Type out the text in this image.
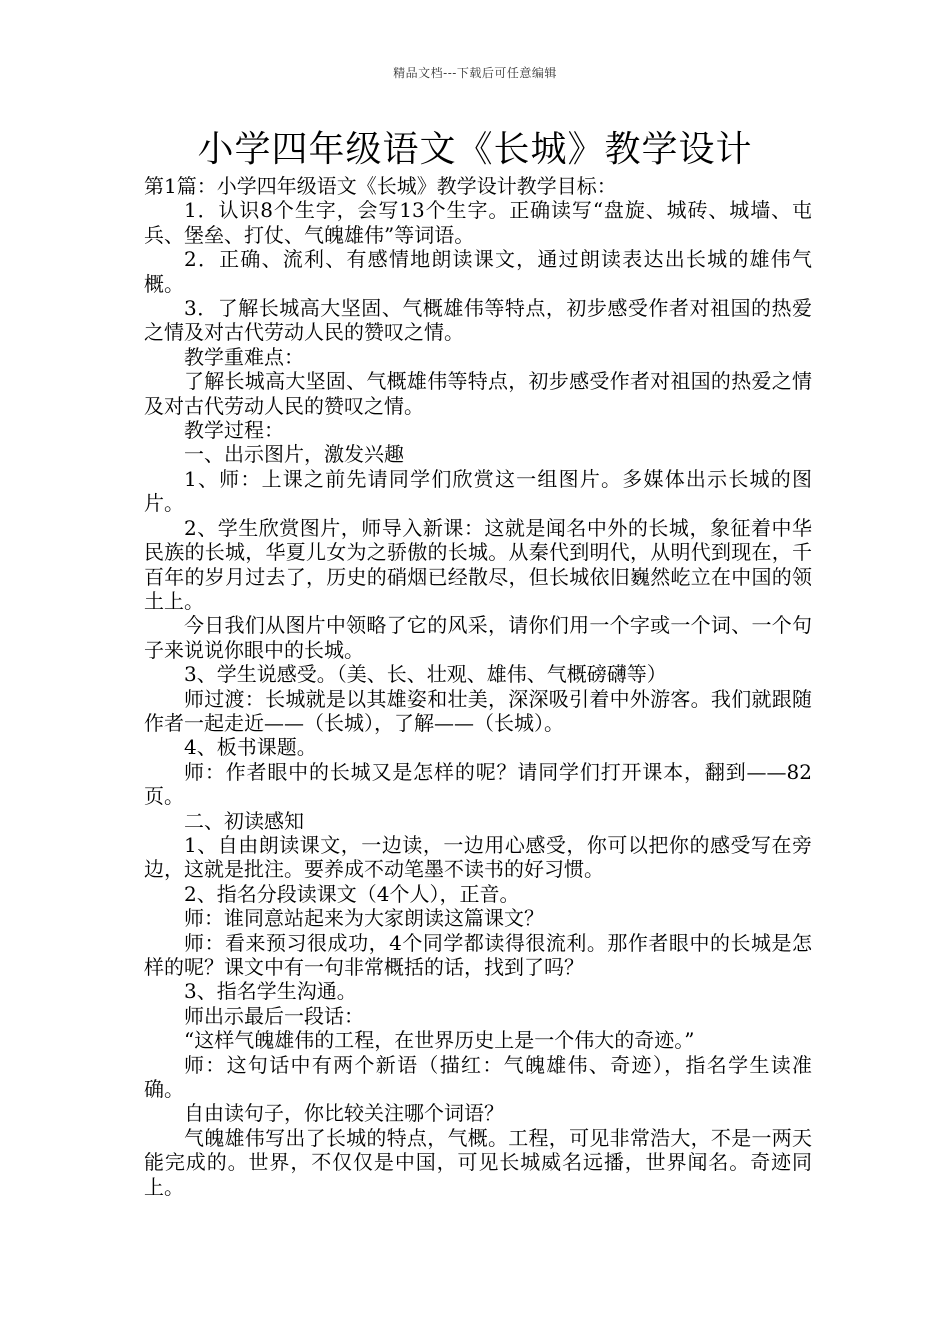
精品文档---下载后可任意编辑
小学四年级语文《长城》教学设计

第1篇：小学四年级语文《长城》教学设计教学目标：

1．认识8个生字，会写13个生字。正确读写“盘旋、城砖、城墙、屯兵、堡垒、打仗、气魄雄伟”等词语。

2．正确、流利、有感情地朗读课文，通过朗读表达出长城的雄伟气概。

3．了解长城高大坚固、气概雄伟等特点，初步感受作者对祖国的热爱之情及对古代劳动人民的赞叹之情。

教学重难点：

了解长城高大坚固、气概雄伟等特点，初步感受作者对祖国的热爱之情及对古代劳动人民的赞叹之情。

教学过程：

一、出示图片，激发兴趣

1、师：上课之前先请同学们欣赏这一组图片。多媒体出示长城的图片。

2、学生欣赏图片，师导入新课：这就是闻名中外的长城，象征着中华民族的长城，华夏儿女为之骄傲的长城。从秦代到明代，从明代到现在，千百年的岁月过去了，历史的硝烟已经散尽，但长城依旧巍然屹立在中国的领土上。

今日我们从图片中领略了它的风采，请你们用一个字或一个词、一个句子来说说你眼中的长城。

3、学生说感受。（美、长、壮观、雄伟、气概磅礴等）

师过渡：长城就是以其雄姿和壮美，深深吸引着中外游客。我们就跟随作者一起走近——（长城），了解——（长城）。

4、板书课题。

师：作者眼中的长城又是怎样的呢？请同学们打开课本，翻到——82页。

二、初读感知

1、自由朗读课文，一边读，一边用心感受，你可以把你的感受写在旁边，这就是批注。要养成不动笔墨不读书的好习惯。

2、指名分段读课文（4个人），正音。

师：谁同意站起来为大家朗读这篇课文？

师：看来预习很成功，4个同学都读得很流利。那作者眼中的长城是怎样的呢？课文中有一句非常概括的话，找到了吗？

3、指名学生沟通。

师出示最后一段话：

“这样气魄雄伟的工程，在世界历史上是一个伟大的奇迹。”

师：这句话中有两个新语（描红：气魄雄伟、奇迹），指名学生读准确。

自由读句子，你比较关注哪个词语？

气魄雄伟写出了长城的特点，气概。工程，可见非常浩大，不是一两天能完成的。世界，不仅仅是中国，可见长城威名远播，世界闻名。奇迹同上。
